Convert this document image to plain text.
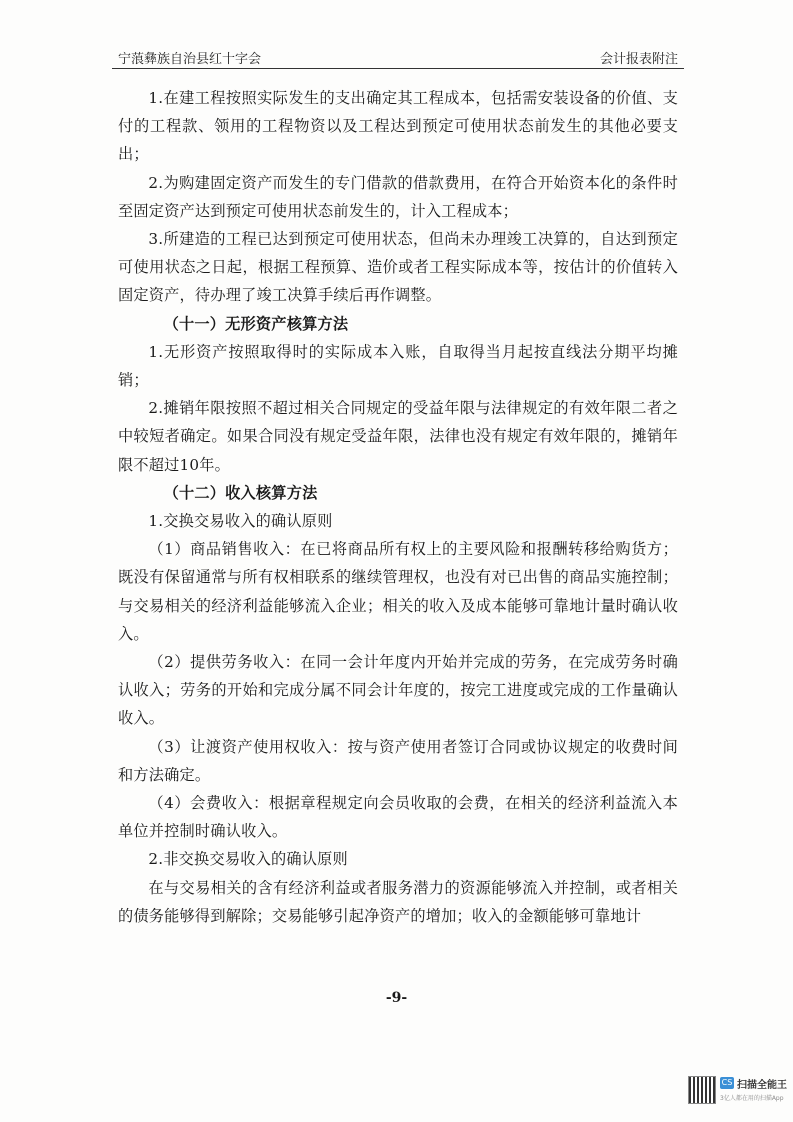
宁蒗彝族自治县红十字会	会计报表附注

1.在建工程按照实际发生的支出确定其工程成本，包括需安装设备的价值、支付的工程款、领用的工程物资以及工程达到预定可使用状态前发生的其他必要支出；

2.为购建固定资产而发生的专门借款的借款费用，在符合开始资本化的条件时至固定资产达到预定可使用状态前发生的，计入工程成本；

3.所建造的工程已达到预定可使用状态，但尚未办理竣工决算的，自达到预定可使用状态之日起，根据工程预算、造价或者工程实际成本等，按估计的价值转入固定资产，待办理了竣工决算手续后再作调整。

（十一）无形资产核算方法

1.无形资产按照取得时的实际成本入账，自取得当月起按直线法分期平均摊销；

2.摊销年限按照不超过相关合同规定的受益年限与法律规定的有效年限二者之中较短者确定。如果合同没有规定受益年限，法律也没有规定有效年限的，摊销年限不超过10年。

（十二）收入核算方法

1.交换交易收入的确认原则

（1）商品销售收入：在已将商品所有权上的主要风险和报酬转移给购货方；既没有保留通常与所有权相联系的继续管理权，也没有对已出售的商品实施控制；与交易相关的经济利益能够流入企业；相关的收入及成本能够可靠地计量时确认收入。

（2）提供劳务收入：在同一会计年度内开始并完成的劳务，在完成劳务时确认收入；劳务的开始和完成分属不同会计年度的，按完工进度或完成的工作量确认收入。

（3）让渡资产使用权收入：按与资产使用者签订合同或协议规定的收费时间和方法确定。

（4）会费收入：根据章程规定向会员收取的会费，在相关的经济利益流入本单位并控制时确认收入。

2.非交换交易收入的确认原则

在与交易相关的含有经济利益或者服务潜力的资源能够流入并控制，或者相关的债务能够得到解除；交易能够引起净资产的增加；收入的金额能够可靠地计

-9-
CS 扫描全能王
3亿人都在用的扫描App
